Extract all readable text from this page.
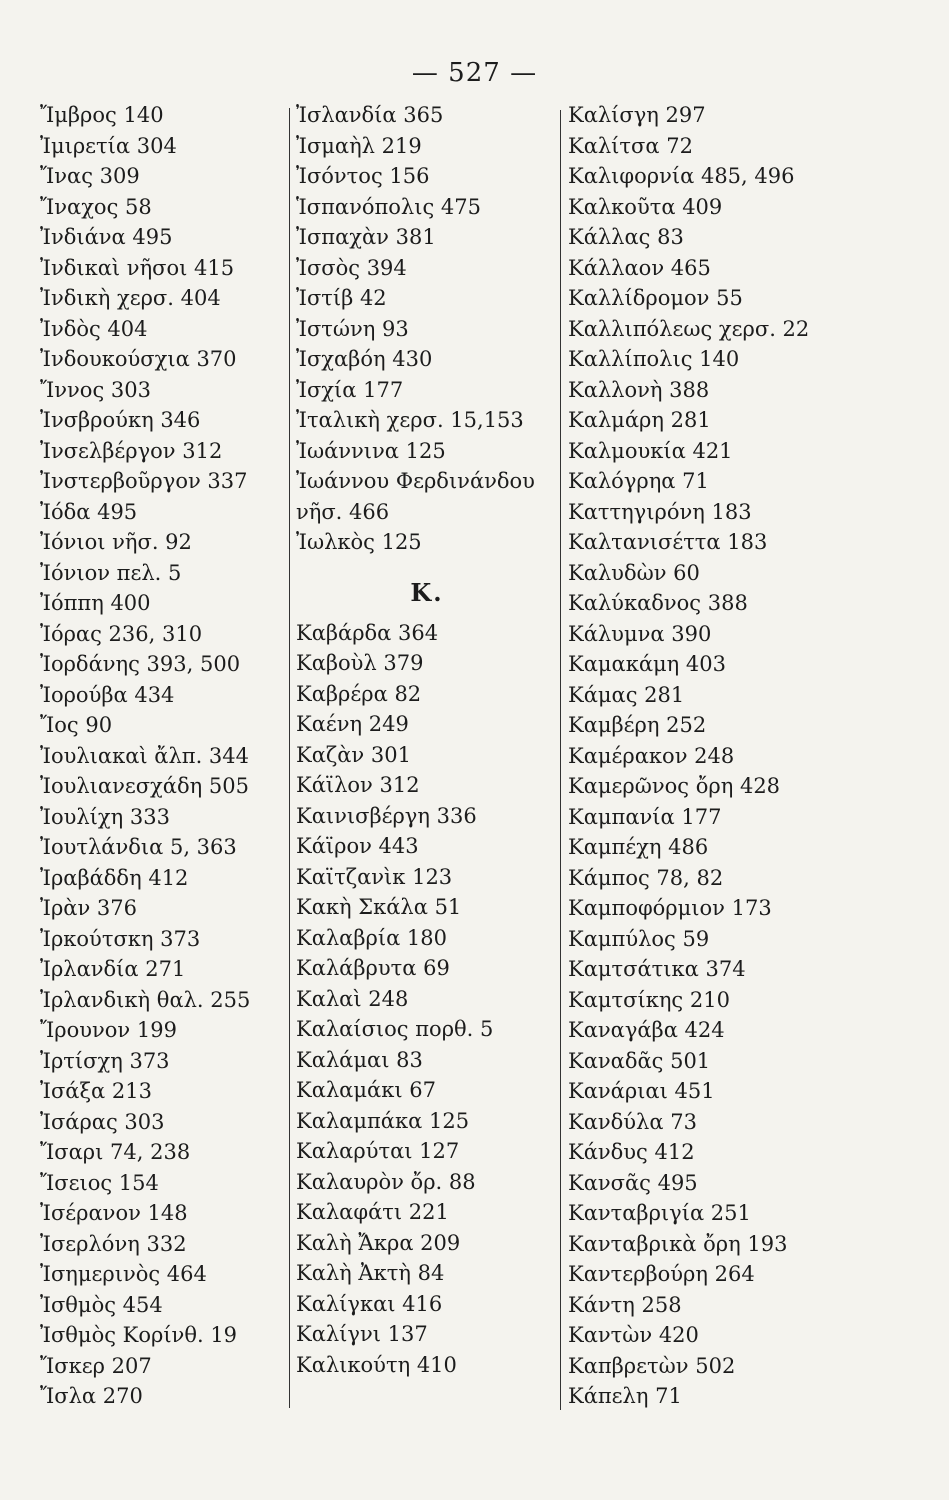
— 527 —
Ἴμβρος 140
Ἰμιρετία 304
Ἴνας 309
Ἴναχος 58
Ἰνδιάνα 495
Ἰνδικαὶ νῆσοι 415
Ἰνδικὴ χερσ. 404
Ἰνδὸς 404
Ἰνδουκούσχια 370
Ἴννος 303
Ἰνσβρούκη 346
Ἰνσελβέργον 312
Ἰνστερβοῦργον 337
Ἰόδα 495
Ἰόνιοι νῆσ. 92
Ἰόνιον πελ. 5
Ἰόππη 400
Ἰόρας 236, 310
Ἰορδάνης 393, 500
Ἰορούβα 434
Ἴος 90
Ἰουλιακαὶ ἄλπ. 344
Ἰουλιανεσχάδη 505
Ἰουλίχη 333
Ἰουτλάνδια 5, 363
Ἰραβάδδη 412
Ἰρὰν 376
Ἰρκούτσκη 373
Ἰρλανδία 271
Ἰρλανδικὴ θαλ. 255
Ἴρουνον 199
Ἰρτίσχη 373
Ἰσάξα 213
Ἰσάρας 303
Ἴσαρι 74, 238
Ἴσειος 154
Ἰσέρανον 148
Ἰσερλόνη 332
Ἰσημερινὸς 464
Ἰσθμὸς 454
Ἰσθμὸς Κορίνθ. 19
Ἴσκερ 207
Ἴσλα 270
Ἰσλανδία 365
Ἰσμαὴλ 219
Ἰσόντος 156
Ἱσπανόπολις 475
Ἰσπαχὰν 381
Ἰσσὸς 394
Ἰστίβ 42
Ἰστώνη 93
Ἰσχαβόη 430
Ἰσχία 177
Ἰταλικὴ χερσ. 15,153
Ἰωάννινα 125
Ἰωάννου Φερδινάνδου
νῆσ. 466
Ἰωλκὸς 125
Κ.
Καβάρδα 364
Καβοὺλ 379
Καβρέρα 82
Καένη 249
Καζὰν 301
Κάϊλον 312
Καινισβέργη 336
Κάϊρον 443
Καϊτζανὶκ 123
Κακὴ Σκάλα 51
Καλαβρία 180
Καλάβρυτα 69
Καλαὶ 248
Καλαίσιος πορθ. 5
Καλάμαι 83
Καλαμάκι 67
Καλαμπάκα 125
Καλαρύται 127
Καλαυρὸν ὄρ. 88
Καλαφάτι 221
Καλὴ Ἄκρα 209
Καλὴ Ἀκτὴ 84
Καλίγκαι 416
Καλίγνι 137
Καλικούτη 410
Καλίσγη 297
Καλίτσα 72
Καλιφορνία 485, 496
Καλκοῦτα 409
Κάλλας 83
Κάλλαον 465
Καλλίδρομον 55
Καλλιπόλεως χερσ. 22
Καλλίπολις 140
Καλλονὴ 388
Καλμάρη 281
Καλμουκία 421
Καλόγρηα 71
Καττηγιρόνη 183
Καλτανισέττα 183
Καλυδὼν 60
Καλύκαδνος 388
Κάλυμνα 390
Καμακάμη 403
Κάμας 281
Καμβέρη 252
Καμέρακον 248
Καμερῶνος ὄρη 428
Καμπανία 177
Καμπέχη 486
Κάμπος 78, 82
Καμποφόρμιον 173
Καμπύλος 59
Καμτσάτικα 374
Καμτσίκης 210
Καναγάβα 424
Καναδᾶς 501
Κανάριαι 451
Κανδύλα 73
Κάνδυς 412
Κανσᾶς 495
Κανταβριγία 251
Κανταβρικὰ ὄρη 193
Καντερβούρη 264
Κάντη 258
Καντὼν 420
Καπβρετὼν 502
Κάπελη 71
